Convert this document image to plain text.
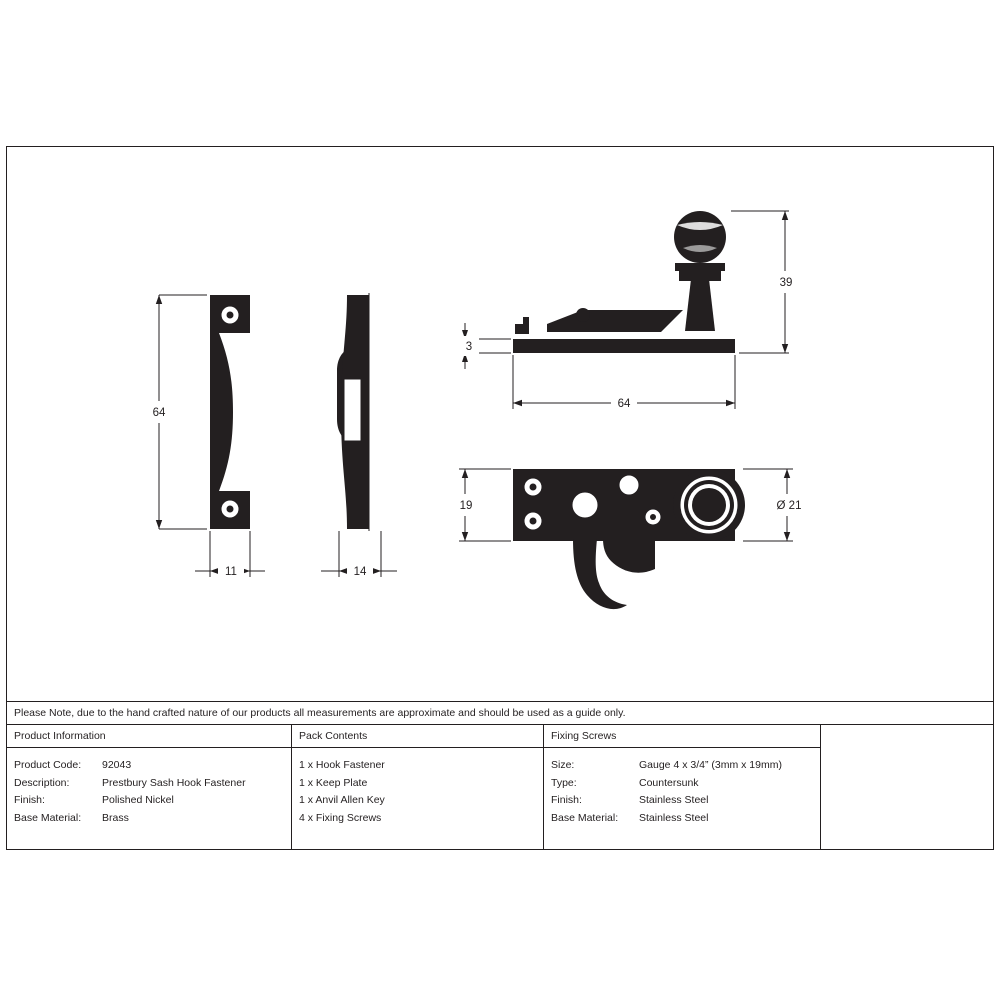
64
11	14
39
3
64
19	Ø 21
Please Note, due to the hand crafted nature of our products all measurements are approximate and should be used as a guide only.
Product Information
Product Code:	92043
Description:	Prestbury Sash Hook Fastener
Finish:	Polished Nickel
Base Material:	Brass
Pack Contents
1 x Hook Fastener
1 x Keep Plate
1 x Anvil Allen Key
4 x Fixing Screws
Fixing Screws
Size:	Gauge 4 x 3/4” (3mm x 19mm)
Type:	Countersunk
Finish:	Stainless Steel
Base Material:	Stainless Steel
